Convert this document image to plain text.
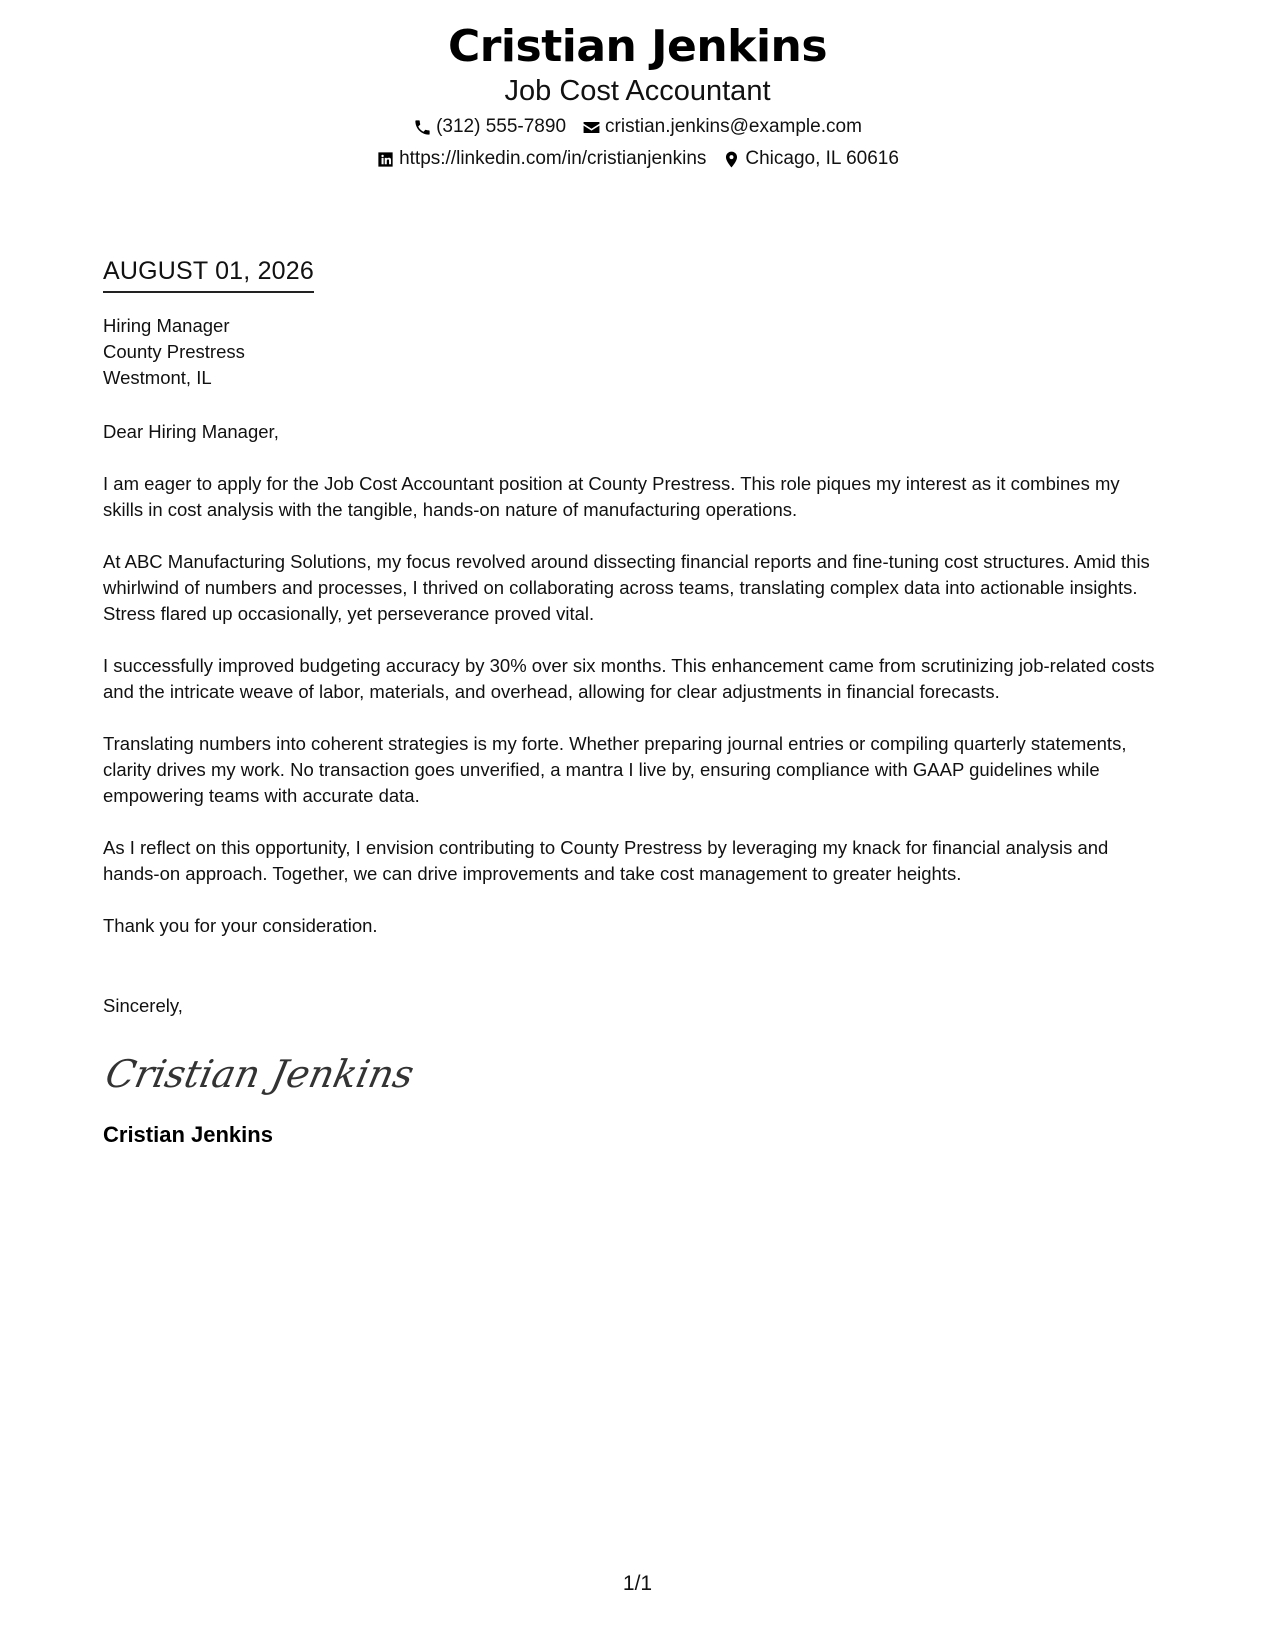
Cristian Jenkins
Job Cost Accountant
(312) 555-7890 cristian.jenkins@example.com
https://linkedin.com/in/cristianjenkins Chicago, IL 60616
AUGUST 01, 2026
Hiring Manager
County Prestress
Westmont, IL
Dear Hiring Manager,

I am eager to apply for the Job Cost Accountant position at County Prestress. This role piques my interest as it combines my skills in cost analysis with the tangible, hands-on nature of manufacturing operations.

At ABC Manufacturing Solutions, my focus revolved around dissecting financial reports and fine-tuning cost structures. Amid this whirlwind of numbers and processes, I thrived on collaborating across teams, translating complex data into actionable insights. Stress flared up occasionally, yet perseverance proved vital.

I successfully improved budgeting accuracy by 30% over six months. This enhancement came from scrutinizing job-related costs and the intricate weave of labor, materials, and overhead, allowing for clear adjustments in financial forecasts.

Translating numbers into coherent strategies is my forte. Whether preparing journal entries or compiling quarterly statements, clarity drives my work. No transaction goes unverified, a mantra I live by, ensuring compliance with GAAP guidelines while empowering teams with accurate data.

As I reflect on this opportunity, I envision contributing to County Prestress by leveraging my knack for financial analysis and hands-on approach. Together, we can drive improvements and take cost management to greater heights.

Thank you for your consideration.

Sincerely,
Cristian Jenkins
Cristian Jenkins
1/1
